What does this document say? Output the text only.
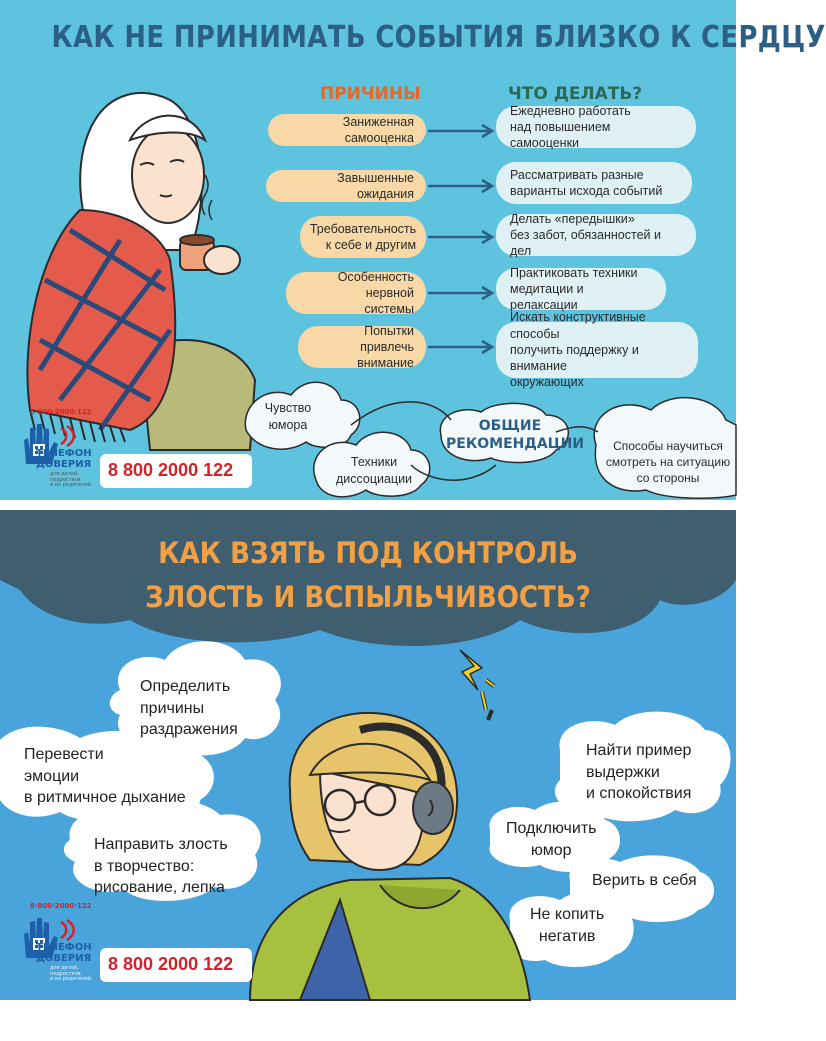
КАК НЕ ПРИНИМАТЬ СОБЫТИЯ БЛИЗКО К СЕРДЦУ
ПРИЧИНЫ	ЧТО ДЕЛАТЬ?
Заниженная самооценка
Ежедневно работать
над повышением самооценки
Завышенные ожидания
Рассматривать разные
варианты исхода событий
Требовательность
к себе и другим
Делать «передышки»
без забот, обязанностей и дел
Особенность нервной
системы
Практиковать техники
медитации и релаксации
Попытки привлечь
внимание
Искать конструктивные способы
получить поддержку и внимание
окружающих
Чувство
юмора
Техники
диссоциации
ОБЩИЕ
РЕКОМЕНДАЦИИ	Способы научиться
смотреть на ситуацию
со стороны
8·800·2000·122
ТЕЛЕФОН
ДОВЕРИЯ
для детей, подростков
и их родителей
8 800 2000 122
КАК ВЗЯТЬ ПОД КОНТРОЛЬ
ЗЛОСТЬ И ВСПЫЛЬЧИВОСТЬ?
Определить
причины
раздражения
Перевести
эмоции
в ритмичное дыхание
Направить злость
в творчество:
рисование, лепка
Найти пример
выдержки
и спокойствия
Подключить
юмор
Верить в себя
Не копить
негатив
8·800·2000·122
ТЕЛЕФОН
ДОВЕРИЯ
для детей, подростков
и их родителей
8 800 2000 122
